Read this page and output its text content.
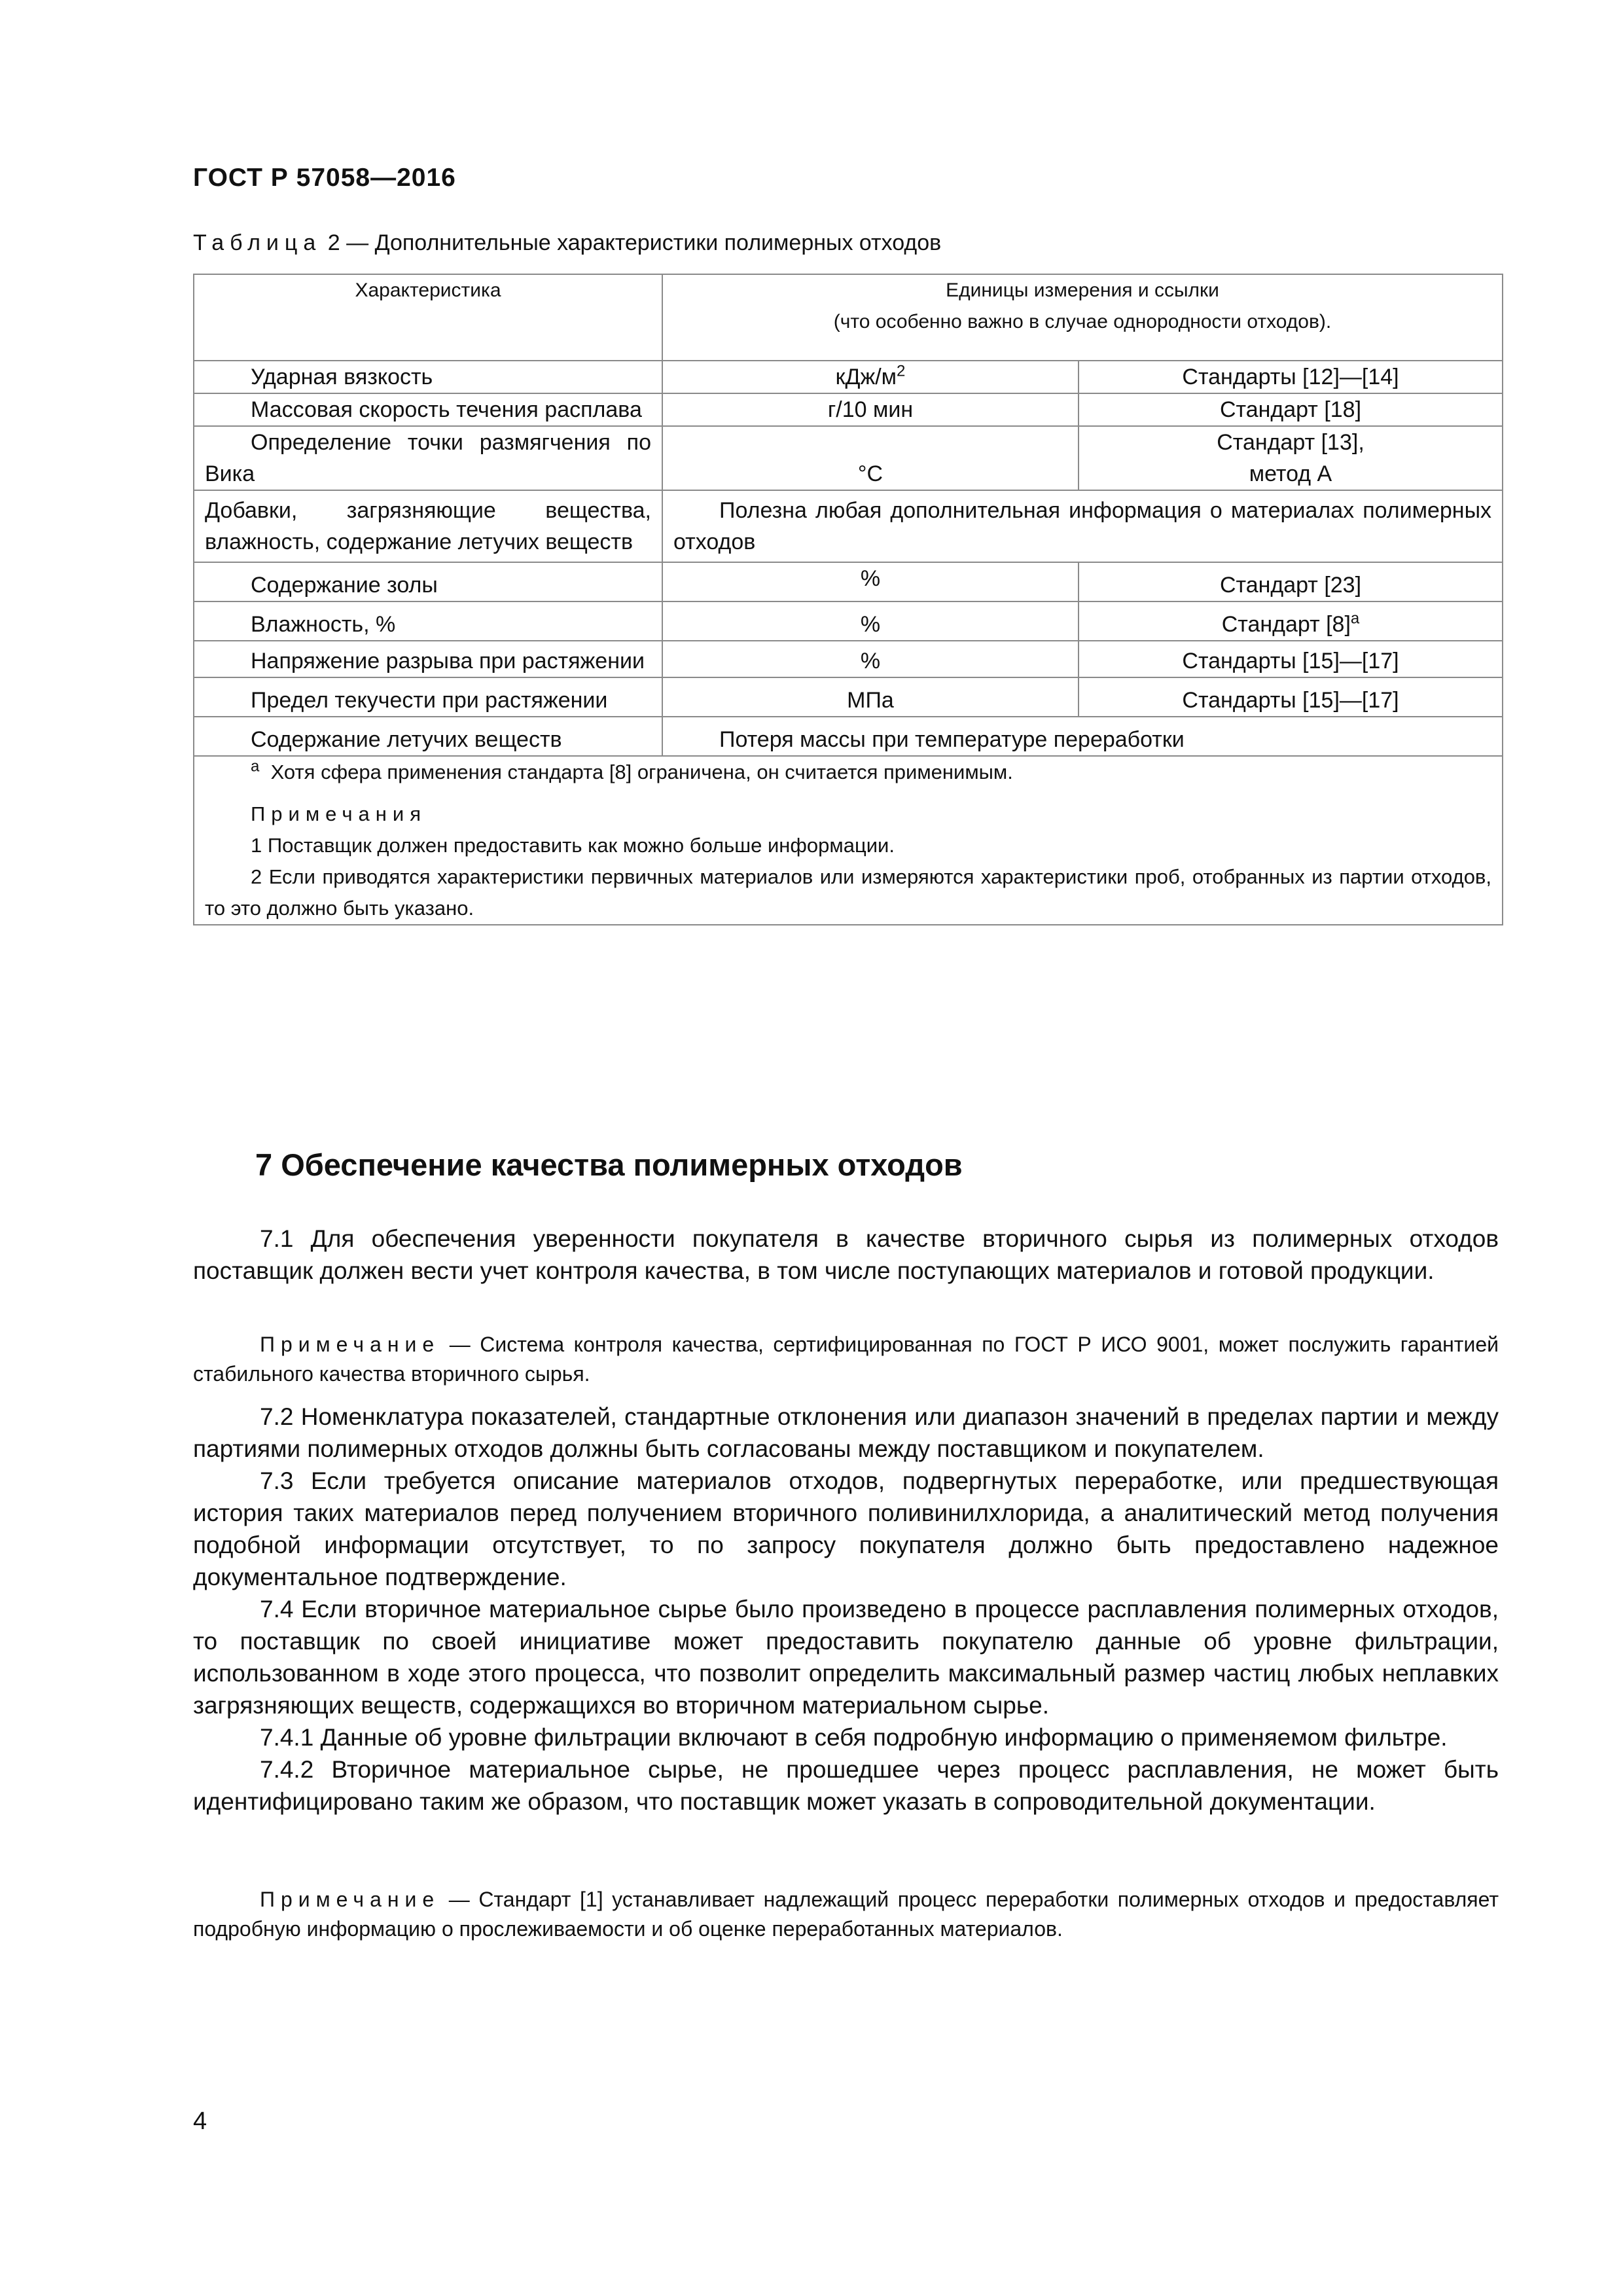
ГОСТ Р 57058—2016
Таблица 2 — Дополнительные характеристики полимерных отходов
Характеристика	Единицы измерения и ссылки
(что особенно важно в случае однородности отходов).	

Ударная вязкость	кДж/$м^2$	Стандарты [12]—[14]
Массовая скорость течения расплава	г/10 мин	Стандарт [18]
Определение точки размягчения по Вика	°С	Стандарт [13],
метод А

Добавки, загрязняющие вещества, влажность, содержание летучих веществ	Полезна любая дополнительная информация о материалах полимерных отходов	
Содержание золы	%	Стандарт [23]
Влажность, %	%	Стандарт $[8]^а$
Напряжение разрыва при растяжении	%	Стандарты [15]—[17]
Предел текучести при растяжении	МПа	Стандарты [15]—[17]
Содержание летучих веществ	Потеря массы при температуре переработки	

$^а$ Хотя сфера применения стандарта [8] ограничена, он считается применимым.

Примечания

1 Поставщик должен предоставить как можно больше информации.

2 Если приводятся характеристики первичных материалов или измеряются характеристики проб, отобранных из партии отходов, то это должно быть указано.		

7 Обеспечение качества полимерных отходов

7.1 Для обеспечения уверенности покупателя в качестве вторичного сырья из полимерных отходов поставщик должен вести учет контроля качества, в том числе поступающих материалов и готовой продукции.

Примечание — Система контроля качества, сертифицированная по ГОСТ Р ИСО 9001, может послужить гарантией стабильного качества вторичного сырья.

7.2 Номенклатура показателей, стандартные отклонения или диапазон значений в пределах партии и между партиями полимерных отходов должны быть согласованы между поставщиком и покупателем.

7.3 Если требуется описание материалов отходов, подвергнутых переработке, или предшествующая история таких материалов перед получением вторичного поливинилхлорида, а аналитический метод получения подобной информации отсутствует, то по запросу покупателя должно быть предоставлено надежное документальное подтверждение.

7.4 Если вторичное материальное сырье было произведено в процессе расплавления полимерных отходов, то поставщик по своей инициативе может предоставить покупателю данные об уровне фильтрации, использованном в ходе этого процесса, что позволит определить максимальный размер частиц любых неплавких загрязняющих веществ, содержащихся во вторичном материальном сырье.

7.4.1 Данные об уровне фильтрации включают в себя подробную информацию о применяемом фильтре.

7.4.2 Вторичное материальное сырье, не прошедшее через процесс расплавления, не может быть идентифицировано таким же образом, что поставщик может указать в сопроводительной документации.

Примечание — Стандарт [1] устанавливает надлежащий процесс переработки полимерных отходов и предоставляет подробную информацию о прослеживаемости и об оценке переработанных материалов.

4
